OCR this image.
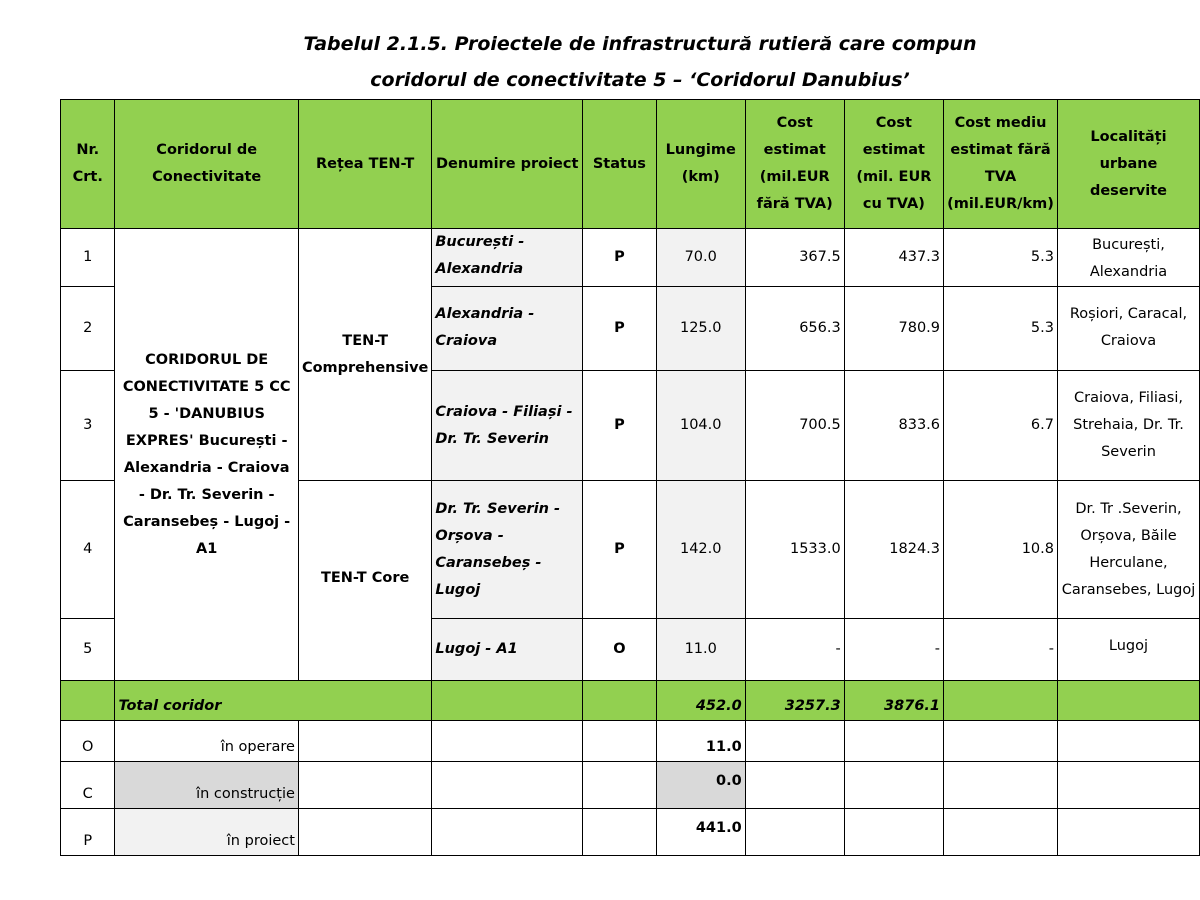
Tabelul 2.1.5. Proiectele de infrastructură rutieră care compun
coridorul de conectivitate 5 – ‘Coridorul Danubius’
Nr. Crt.	Coridorul de Conectivitate	Rețea TEN-T	Denumire proiect	Status	Lungime (km)	Cost estimat (mil.EUR fără TVA)	Cost estimat (mil. EUR cu TVA)	Cost mediu estimat fără TVA (mil.EUR/km)	Localități urbane deservite
1	CORIDORUL DE CONECTIVITATE 5 CC 5 - 'DANUBIUS EXPRES' București - Alexandria - Craiova - Dr. Tr. Severin - Caransebeș - Lugoj - A1	TEN-T Comprehensive	București - Alexandria	P	70.0	367.5	437.3	5.3	București, Alexandria
2			Alexandria - Craiova	P	125.0	656.3	780.9	5.3	Roșiori, Caracal, Craiova
3			Craiova - Filiași - Dr. Tr. Severin	P	104.0	700.5	833.6	6.7	Craiova, Filiasi, Strehaia, Dr. Tr. Severin
4		TEN-T Core	Dr. Tr. Severin - Orșova - Caransebeș - Lugoj	P	142.0	1533.0	1824.3	10.8	Dr. Tr .Severin, Orșova, Băile Herculane, Caransebes, Lugoj
5			Lugoj - A1	O	11.0	-	-	-	Lugoj
	Total coridor				452.0	3257.3	3876.1		
O	în operare				11.0				
C	în construcție				0.0				
P	în proiect				441.0				
